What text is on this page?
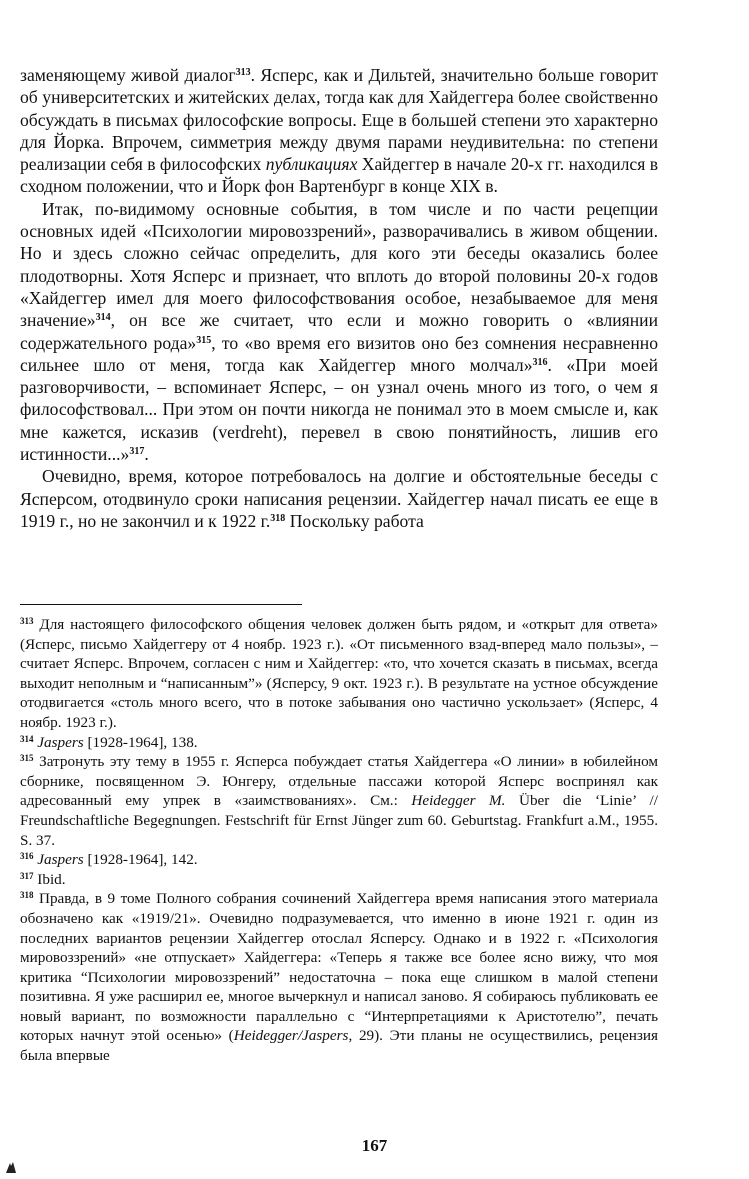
заменяющему живой диалог$^{313}$. Ясперс, как и Дильтей, значительно больше говорит об университетских и житейских делах, тогда как для Хайдеггера более свойственно обсуждать в письмах философские вопросы. Еще в большей степени это характерно для Йорка. Впрочем, симметрия между двумя парами неудивительна: по степени реализации себя в философских публикациях Хайдеггер в начале 20-х гг. находился в сходном положении, что и Йорк фон Вартенбург в конце XIX в.

Итак, по-видимому основные события, в том числе и по части рецепции основных идей «Психологии мировоззрений», разворачивались в живом общении. Но и здесь сложно сейчас определить, для кого эти беседы оказались более плодотворны. Хотя Ясперс и признает, что вплоть до второй половины 20-х годов «Хайдеггер имел для моего философствования особое, незабываемое для меня значение»$^{314}$, он все же считает, что если и можно говорить о «влиянии содержательного рода»$^{315}$, то «во время его визитов оно без сомнения несравненно сильнее шло от меня, тогда как Хайдеггер много молчал»$^{316}$. «При моей разговорчивости, – вспоминает Ясперс, – он узнал очень много из того, о чем я философствовал... При этом он почти никогда не понимал это в моем смысле и, как мне кажется, исказив (verdreht), перевел в свою понятийность, лишив его истинности...»$^{317}$.

Очевидно, время, которое потребовалось на долгие и обстоятельные беседы с Ясперсом, отодвинуло сроки написания рецензии. Хайдеггер начал писать ее еще в 1919 г., но не закончил и к 1922 г.$^{318}$ Поскольку работа

$^{313}$ Для настоящего философского общения человек должен быть рядом, и «открыт для ответа» (Ясперс, письмо Хайдеггеру от 4 ноябр. 1923 г.). «От письменного взад-вперед мало пользы», – считает Ясперс. Впрочем, согласен с ним и Хайдеггер: «то, что хочется сказать в письмах, всегда выходит неполным и “написанным”» (Ясперсу, 9 окт. 1923 г.). В результате на устное обсуждение отодвигается «столь много всего, что в потоке забывания оно частично ускользает» (Ясперс, 4 ноябр. 1923 г.).

$^{314}$ Jaspers [1928-1964], 138.

$^{315}$ Затронуть эту тему в 1955 г. Ясперса побуждает статья Хайдеггера «О линии» в юбилейном сборнике, посвященном Э. Юнгеру, отдельные пассажи которой Ясперс воспринял как адресованный ему упрек в «заимствованиях». См.: Heidegger M. Über die ‘Linie’ // Freundschaftliche Begegnungen. Festschrift für Ernst Jünger zum 60. Geburtstag. Frankfurt a.M., 1955. S. 37.

$^{316}$ Jaspers [1928-1964], 142.

$^{317}$ Ibid.

$^{318}$ Правда, в 9 томе Полного собрания сочинений Хайдеггера время написания этого материала обозначено как «1919/21». Очевидно подразумевается, что именно в июне 1921 г. один из последних вариантов рецензии Хайдеггер отослал Ясперсу. Однако и в 1922 г. «Психология мировоззрений» «не отпускает» Хайдеггера: «Теперь я также все более ясно вижу, что моя критика “Психологии мировоззрений” недостаточна – пока еще слишком в малой степени позитивна. Я уже расширил ее, многое вычеркнул и написал заново. Я собираюсь публиковать ее новый вариант, по возможности параллельно с “Интерпретациями к Аристотелю”, печать которых начнут этой осенью» (Heidegger/Jaspers, 29). Эти планы не осуществились, рецензия была впервые

167
